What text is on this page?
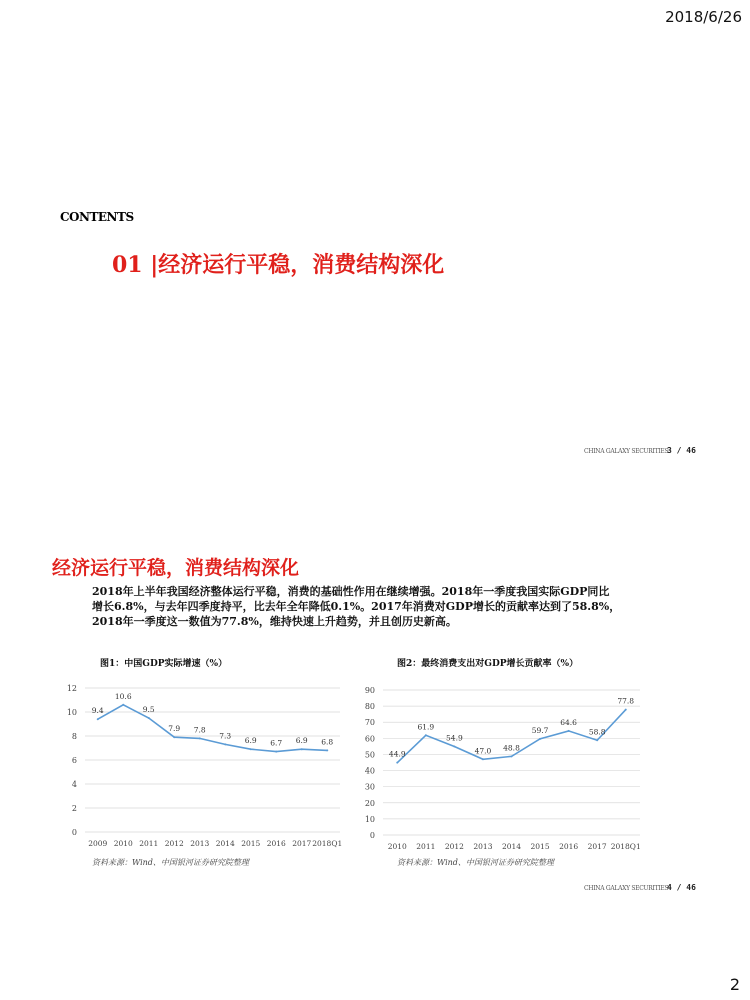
2018/6/26
CONTENTS
01 |经济运行平稳，消费结构深化
CHINA GALAXY SECURITIES
3 / 46
经济运行平稳，消费结构深化
2018年上半年我国经济整体运行平稳，消费的基础性作用在继续增强。2018年一季度我国实际GDP同比
增长6.8%，与去年四季度持平，比去年全年降低0.1%。2017年消费对GDP增长的贡献率达到了58.8%，
2018年一季度这一数值为77.8%，维持快速上升趋势，并且创历史新高。
图1：中国GDP实际增速（%）	图2：最终消费支出对GDP增长贡献率（%）
0
2
4
6
8
10
12
2009 2010 2011 2012 2013 2014 2015 2016 2017 2018Q1
9.4
10.6
9.5
7.9 7.8
7.3
6.9 6.7 6.9 6.8
0
10
20
30
40
50
60
70
80
90
2010 2011 2012 2013 2014 2015 2016 2017 2018Q1
44.9
61.9
54.9
47.0 48.8
59.7
64.6
58.8
77.8
资料来源：Wind、中国银河证券研究院整理	资料来源：Wind、中国银河证券研究院整理
CHINA GALAXY SECURITIES
4 / 46
2
